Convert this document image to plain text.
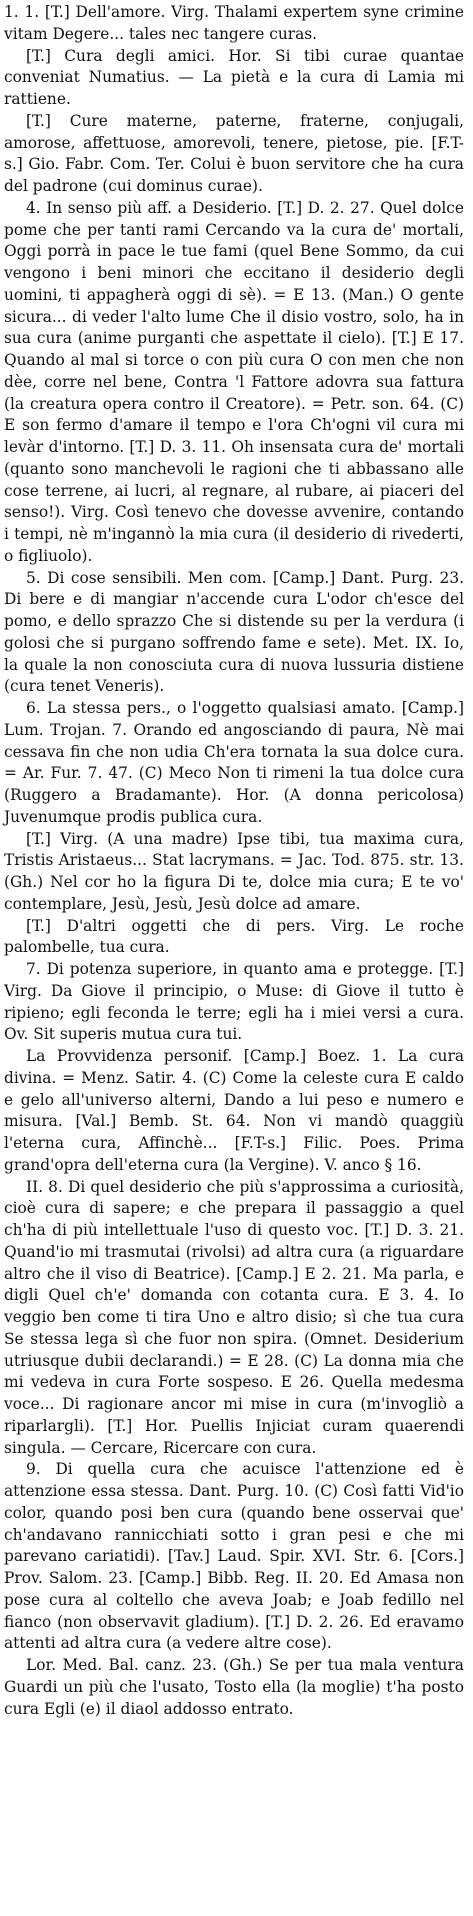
1. 1. [T.] Dell'amore. Virg. Thalami expertem syne crimine vitam Degere... tales nec tangere curas.

[T.] Cura degli amici. Hor. Si tibi curae quantae conveniat Numatius. — La pietà e la cura di Lamia mi rattiene.

[T.] Cure materne, paterne, fraterne, conjugali, amorose, affettuose, amorevoli, tenere, pietose, pie. [F.T-s.] Gio. Fabr. Com. Ter. Colui è buon servitore che ha cura del padrone (cui dominus curae).

4. In senso più aff. a Desiderio. [T.] D. 2. 27. Quel dolce pome che per tanti rami Cercando va la cura de' mortali, Oggi porrà in pace le tue fami (quel Bene Sommo, da cui vengono i beni minori che eccitano il desiderio degli uomini, ti appagherà oggi di sè). = E 13. (Man.) O gente sicura... di veder l'alto lume Che il disio vostro, solo, ha in sua cura (anime purganti che aspettate il cielo). [T.] E 17. Quando al mal si torce o con più cura O con men che non dèe, corre nel bene, Contra 'l Fattore adovra sua fattura (la creatura opera contro il Creatore). = Petr. son. 64. (C) E son fermo d'amare il tempo e l'ora Ch'ogni vil cura mi levàr d'intorno. [T.] D. 3. 11. Oh insensata cura de' mortali (quanto sono manchevoli le ragioni che ti abbassano alle cose terrene, ai lucri, al regnare, al rubare, ai piaceri del senso!). Virg. Così tenevo che dovesse avvenire, contando i tempi, nè m'ingannò la mia cura (il desiderio di rivederti, o figliuolo).

5. Di cose sensibili. Men com. [Camp.] Dant. Purg. 23. Di bere e di mangiar n'accende cura L'odor ch'esce del pomo, e dello sprazzo Che si distende su per la verdura (i golosi che si purgano soffrendo fame e sete). Met. IX. Io, la quale la non conosciuta cura di nuova lussuria distiene (cura tenet Veneris).

6. La stessa pers., o l'oggetto qualsiasi amato. [Camp.] Lum. Trojan. 7. Orando ed angosciando di paura, Nè mai cessava fin che non udia Ch'era tornata la sua dolce cura. = Ar. Fur. 7. 47. (C) Meco Non ti rimeni la tua dolce cura (Ruggero a Bradamante). Hor. (A donna pericolosa) Juvenumque prodis publica cura.

[T.] Virg. (A una madre) Ipse tibi, tua maxima cura, Tristis Aristaeus... Stat lacrymans. = Jac. Tod. 875. str. 13. (Gh.) Nel cor ho la figura Di te, dolce mia cura; E te vo' contemplare, Jesù, Jesù, Jesù dolce ad amare.

[T.] D'altri oggetti che di pers. Virg. Le roche palombelle, tua cura.

7. Di potenza superiore, in quanto ama e protegge. [T.] Virg. Da Giove il principio, o Muse: di Giove il tutto è ripieno; egli feconda le terre; egli ha i miei versi a cura. Ov. Sit superis mutua cura tui.

La Provvidenza personif. [Camp.] Boez. 1. La cura divina. = Menz. Satir. 4. (C) Come la celeste cura E caldo e gelo all'universo alterni, Dando a lui peso e numero e misura. [Val.] Bemb. St. 64. Non vi mandò quaggiù l'eterna cura, Affinchè... [F.T-s.] Filic. Poes. Prima grand'opra dell'eterna cura (la Vergine). V. anco § 16.

II. 8. Di quel desiderio che più s'approssima a curiosità, cioè cura di sapere; e che prepara il passaggio a quel ch'ha di più intellettuale l'uso di questo voc. [T.] D. 3. 21. Quand'io mi trasmutai (rivolsi) ad altra cura (a riguardare altro che il viso di Beatrice). [Camp.] E 2. 21. Ma parla, e digli Quel ch'e' domanda con cotanta cura. E 3. 4. Io veggio ben come ti tira Uno e altro disio; sì che tua cura Se stessa lega sì che fuor non spira. (Omnet. Desiderium utriusque dubii declarandi.) = E 28. (C) La donna mia che mi vedeva in cura Forte sospeso. E 26. Quella medesma voce... Di ragionare ancor mi mise in cura (m'invogliò a riparlargli). [T.] Hor. Puellis Injiciat curam quaerendi singula. — Cercare, Ricercare con cura.

9. Di quella cura che acuisce l'attenzione ed è attenzione essa stessa. Dant. Purg. 10. (C) Così fatti Vid'io color, quando posi ben cura (quando bene osservai que' ch'andavano rannicchiati sotto i gran pesi e che mi parevano cariatidi). [Tav.] Laud. Spir. XVI. Str. 6. [Cors.] Prov. Salom. 23. [Camp.] Bibb. Reg. II. 20. Ed Amasa non pose cura al coltello che aveva Joab; e Joab fedillo nel fianco (non observavit gladium). [T.] D. 2. 26. Ed eravamo attenti ad altra cura (a vedere altre cose).

Lor. Med. Bal. canz. 23. (Gh.) Se per tua mala ventura Guardi un più che l'usato, Tosto ella (la moglie) t'ha posto cura Egli (e) il diaol addosso entrato.
